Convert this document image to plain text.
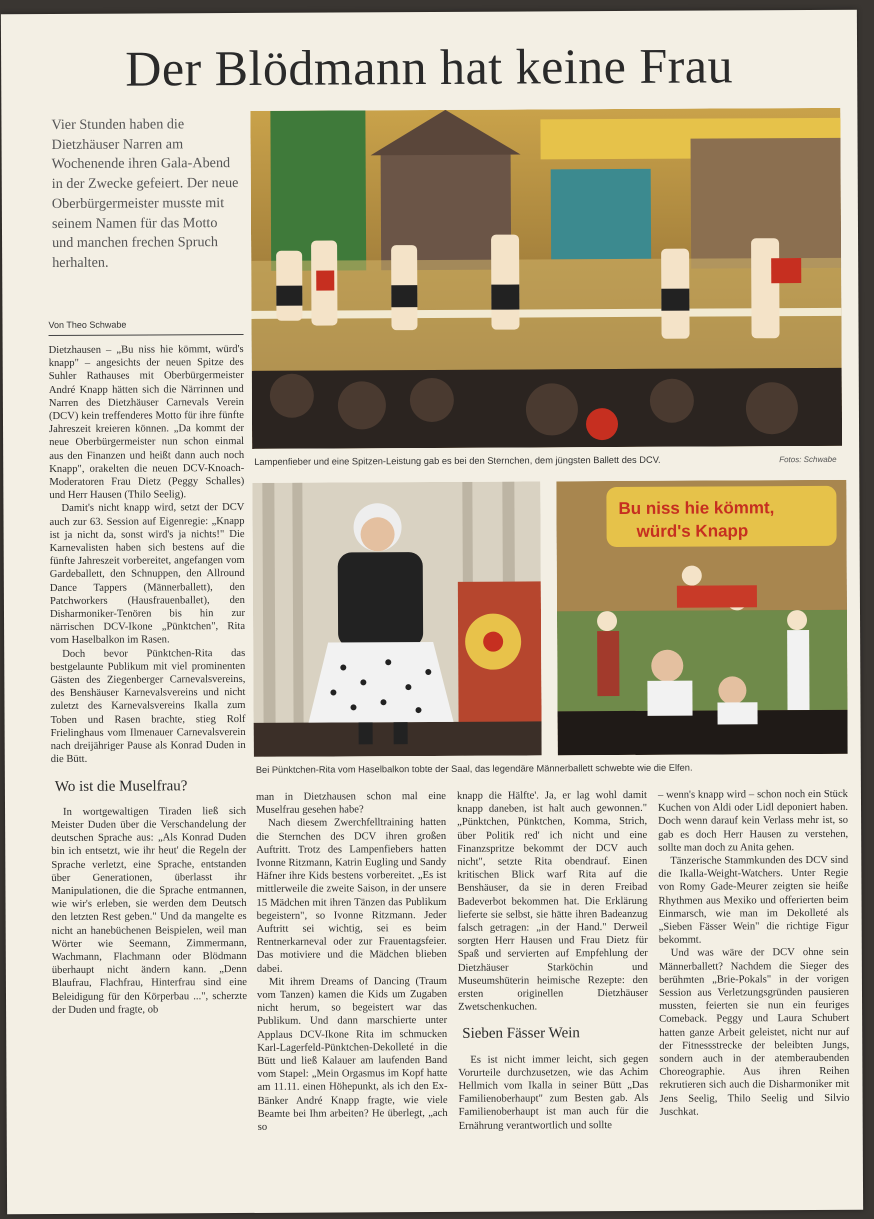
Der Blödmann hat keine Frau
Vier Stunden haben die Dietzhäuser Narren am Wochenende ihren Gala-Abend in der Zwecke gefeiert. Der neue Oberbürgermeister musste mit seinem Namen für das Motto und manchen frechen Spruch herhalten.
Von Theo Schwabe

Dietzhausen – „Bu niss hie kömmt, würd's knapp" – angesichts der neuen Spitze des Suhler Rathauses mit Oberbürgermeister André Knapp hätten sich die Närrinnen und Narren des Dietzhäuser Carnevals Verein (DCV) kein treffenderes Motto für ihre fünfte Jahreszeit kreieren können. „Da kommt der neue Oberbürgermeister nun schon einmal aus den Finanzen und heißt dann auch noch Knapp", orakelten die neuen DCV-Knoach-Moderatoren Frau Dietz (Peggy Schalles) und Herr Hausen (Thilo Seelig).

Damit's nicht knapp wird, setzt der DCV auch zur 63. Session auf Eigenregie: „Knapp ist ja nicht da, sonst wird's ja nichts!" Die Karnevalisten haben sich bestens auf die fünfte Jahreszeit vorbereitet, angefangen vom Gardeballett, den Schnuppen, den Allround Dance Tappers (Männerballett), den Patchworkers (Hausfrauenballet), den Disharmoniker-Tenören bis hin zur närrischen DCV-Ikone „Pünktchen", Rita vom Haselbalkon im Rasen.

Doch bevor Pünktchen-Rita das bestgelaunte Publikum mit viel prominenten Gästen des Ziegenberger Carnevalsvereins, des Benshäuser Karnevalsvereins und nicht zuletzt des Karnevalsvereins Ikalla zum Toben und Rasen brachte, stieg Rolf Frielinghaus vom Ilmenauer Carnevalsverein nach dreijähriger Pause als Konrad Duden in die Bütt.

Wo ist die Muselfrau?

In wortgewaltigen Tiraden ließ sich Meister Duden über die Verschandelung der deutschen Sprache aus: „Als Konrad Duden bin ich entsetzt, wie ihr heut' die Regeln der Sprache verletzt, eine Sprache, entstanden über Generationen, überlasst ihr Manipulationen, die die Sprache entmannen, wie wir's erleben, sie werden dem Deutsch den letzten Rest geben." Und da mangelte es nicht an hanebüchenen Beispielen, weil man Wörter wie Seemann, Zimmermann, Wachmann, Flachmann oder Blödmann überhaupt nicht ändern kann. „Denn Blaufrau, Flachfrau, Hinterfrau sind eine Beleidigung für den Körperbau ...", scherzte der Duden und fragte, ob

Lampenfieber und eine Spitzen-Leistung gab es bei den Sternchen, dem jüngsten Ballett des DCV.	Fotos: Schwabe
Bu niss hie kömmt,
würd's Knapp
Bei Pünktchen-Rita vom Haselbalkon tobte der Saal, das legendäre Männerballett schwebte wie die Elfen.

man in Dietzhausen schon mal eine Muselfrau gesehen habe?

Nach diesem Zwerchfelltraining hatten die Sternchen des DCV ihren großen Auftritt. Trotz des Lampenfiebers hatten Ivonne Ritzmann, Katrin Eugling und Sandy Häfner ihre Kids bestens vorbereitet. „Es ist mittlerweile die zweite Saison, in der unsere 15 Mädchen mit ihren Tänzen das Publikum begeistern", so Ivonne Ritzmann. Jeder Auftritt sei wichtig, sei es beim Rentnerkarneval oder zur Frauentagsfeier. Das motiviere und die Mädchen blieben dabei.

Mit ihrem Dreams of Dancing (Traum vom Tanzen) kamen die Kids um Zugaben nicht herum, so begeistert war das Publikum. Und dann marschierte unter Applaus DCV-Ikone Rita im schmucken Karl-Lagerfeld-Pünktchen-Dekolleté in die Bütt und ließ Kalauer am laufenden Band vom Stapel: „Mein Orgasmus im Kopf hatte am 11.11. einen Höhepunkt, als ich den Ex-Bänker André Knapp fragte, wie viele Beamte bei Ihm arbeiten? He überlegt, „ach so

knapp die Hälfte'. Ja, er lag wohl damit knapp daneben, ist halt auch gewonnen." „Pünktchen, Pünktchen, Komma, Strich, über Politik red' ich nicht und eine Finanzspritze bekommt der DCV auch nicht", setzte Rita obendrauf. Einen kritischen Blick warf Rita auf die Benshäuser, da sie in deren Freibad Badeverbot bekommen hat. Die Erklärung lieferte sie selbst, sie hätte ihren Badeanzug falsch getragen: „in der Hand." Derweil sorgten Herr Hausen und Frau Dietz für Spaß und servierten auf Empfehlung der Dietzhäuser Starköchin und Museumshüterin heimische Rezepte: den ersten originellen Dietzhäuser Zwetschenkuchen.

Sieben Fässer Wein

Es ist nicht immer leicht, sich gegen Vorurteile durchzusetzen, wie das Achim Hellmich vom Ikalla in seiner Bütt „Das Familienoberhaupt" zum Besten gab. Als Familienoberhaupt ist man auch für die Ernährung verantwortlich und sollte

– wenn's knapp wird – schon noch ein Stück Kuchen von Aldi oder Lidl deponiert haben. Doch wenn darauf kein Verlass mehr ist, so gab es doch Herr Hausen zu verstehen, sollte man doch zu Anita gehen.

Tänzerische Stammkunden des DCV sind die Ikalla-Weight-Watchers. Unter Regie von Romy Gade-Meurer zeigten sie heiße Rhythmen aus Mexiko und offerierten beim Einmarsch, wie man im Dekolleté als „Sieben Fässer Wein" die richtige Figur bekommt.

Und was wäre der DCV ohne sein Männerballett? Nachdem die Sieger des berühmten „Brie-Pokals" in der vorigen Session aus Verletzungsgründen pausieren mussten, feierten sie nun ein feuriges Comeback. Peggy und Laura Schubert hatten ganze Arbeit geleistet, nicht nur auf der Fitnessstrecke der beleibten Jungs, sondern auch in der atemberaubenden Choreographie. Aus ihren Reihen rekrutieren sich auch die Disharmoniker mit Jens Seelig, Thilo Seelig und Silvio Juschkat.
